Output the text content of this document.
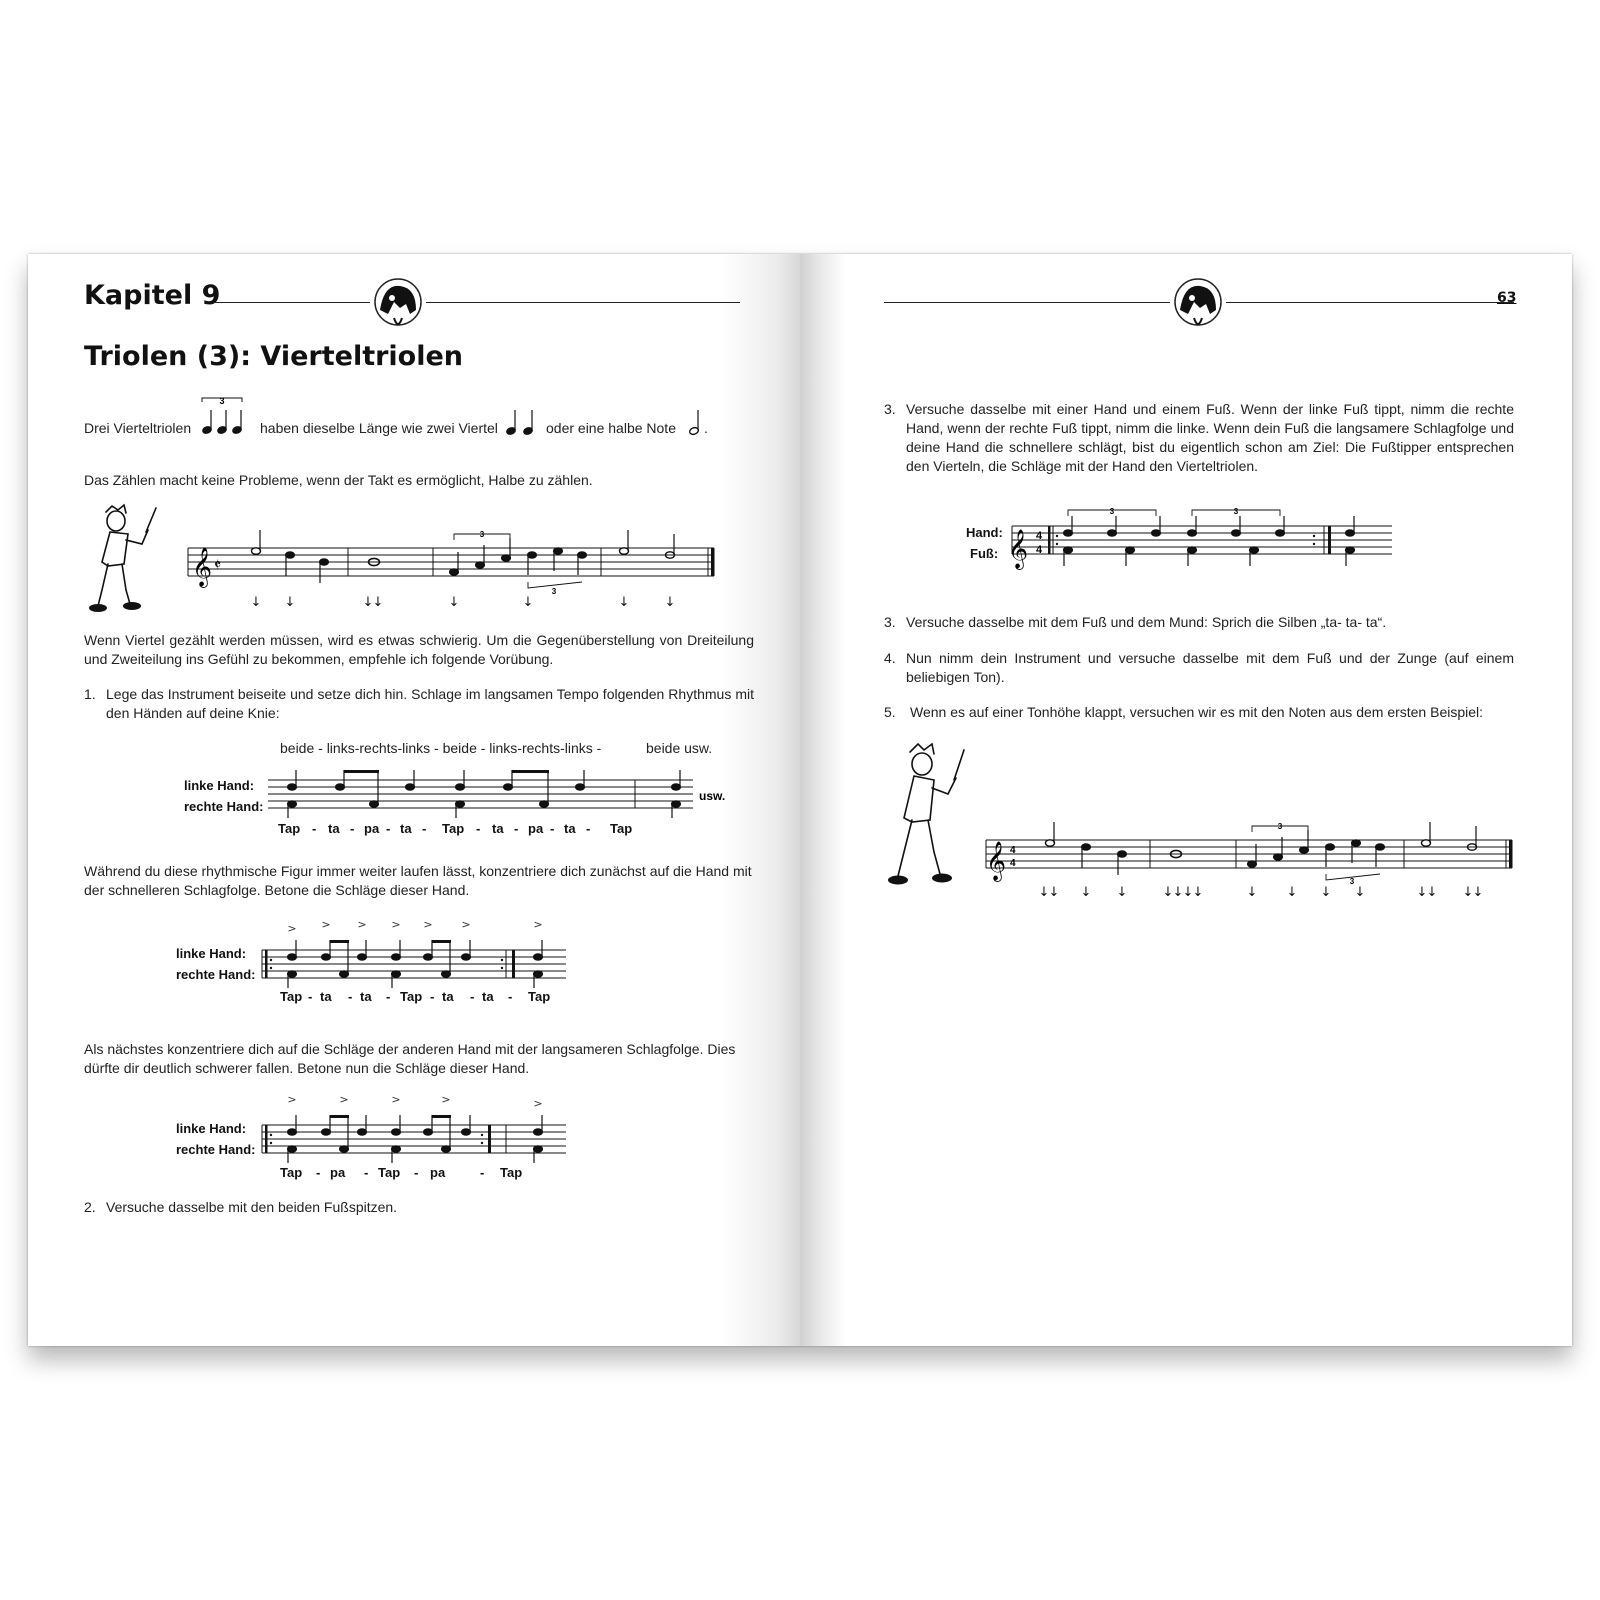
Kapitel 9
Triolen (3): Vierteltriolen
Drei Vierteltriolen
3
haben dieselbe Länge wie zwei Viertel	oder eine halbe Note .
Das Zählen macht keine Probleme, wenn der Takt es ermöglicht, Halbe zu zählen.
𝄞 𝄵
3
3
↓ ↓	↓ ↓	↓	↓	↓	↓
Wenn Viertel gezählt werden müssen, wird es etwas schwierig. Um die Gegenüberstellung von Dreiteilung und Zweiteilung ins Gefühl zu bekommen, empfehle ich folgende Vorübung.
1. Lege das Instrument beiseite und setze dich hin. Schlage im langsamen Tempo folgenden Rhythmus mit den Händen auf deine Knie:
beide - links-rechts-links - beide - links-rechts-links -	beide usw.
linke Hand:
rechte Hand:
usw.
Tap - ta - pa - ta - Tap - ta - pa - ta - Tap
Während du diese rhythmische Figur immer weiter laufen lässt, konzentriere dich zunächst auf die Hand mit der schnelleren Schlagfolge. Betone die Schläge dieser Hand.
linke Hand:
rechte Hand:
> > > > >	>	>
Tap - ta - ta - Tap - ta - ta - Tap
Als nächstes konzentriere dich auf die Schläge der anderen Hand mit der langsameren Schlagfolge. Dies dürfte dir deutlich schwerer fallen. Betone nun die Schläge dieser Hand.
linke Hand:
rechte Hand:
>	>	>	>	>
Tap - pa - Tap - pa	- Tap
2. Versuche dasselbe mit den beiden Fußspitzen.
63
3. Versuche dasselbe mit einer Hand und einem Fuß. Wenn der linke Fuß tippt, nimm die rechte Hand, wenn der rechte Fuß tippt, nimm die linke. Wenn dein Fuß die langsamere Schlagfolge und deine Hand die schnellere schlägt, bist du eigentlich schon am Ziel: Die Fußtipper entsprechen den Vierteln, die Schläge mit der Hand den Vierteltriolen.
Hand:
Fuß: 𝄞 4
4
3	3
3. Versuche dasselbe mit dem Fuß und dem Mund: Sprich die Silben „ta- ta- ta“.
4. Nun nimm dein Instrument und versuche dasselbe mit dem Fuß und der Zunge (auf einem beliebigen Ton).
5. Wenn es auf einer Tonhöhe klappt, versuchen wir es mit den Noten aus dem ersten Beispiel:
𝄞 4
4
3
3
↓ ↓ ↓ ↓	↓ ↓ ↓ ↓	↓ ↓ ↓ ↓	↓ ↓ ↓ ↓
